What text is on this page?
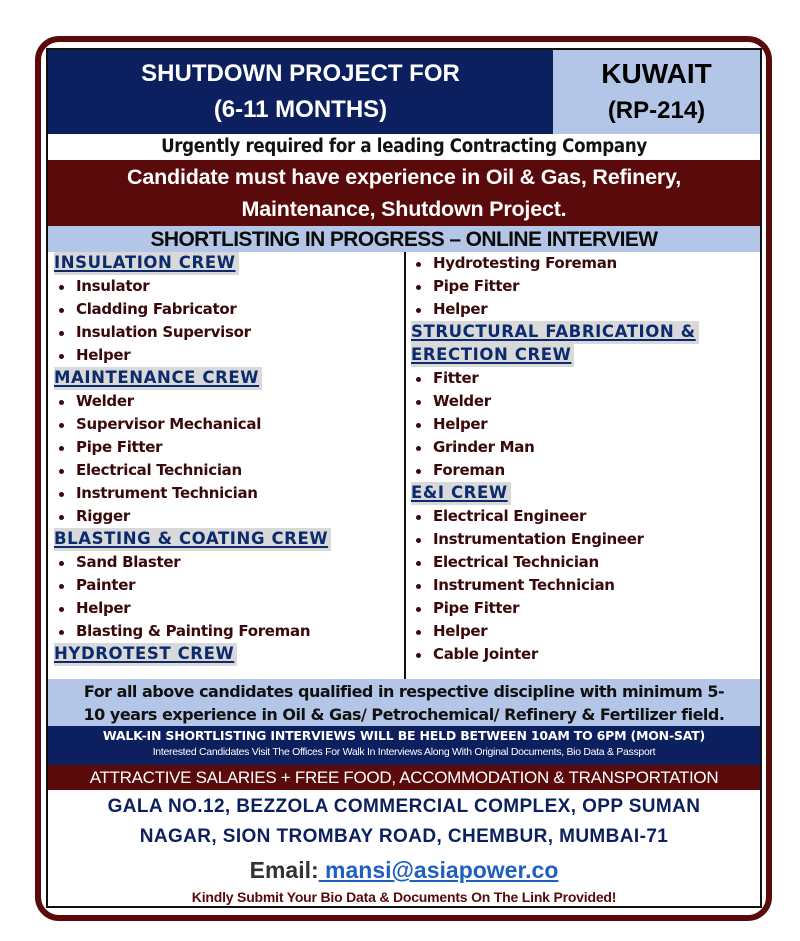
SHUTDOWN PROJECT FOR
(6-11 MONTHS)
KUWAIT
(RP-214)
Urgently required for a leading Contracting Company
Candidate must have experience in Oil & Gas, Refinery,
Maintenance, Shutdown Project.
SHORTLISTING IN PROGRESS – ONLINE INTERVIEW
INSULATION CREW
Insulator
Cladding Fabricator
Insulation Supervisor
Helper
MAINTENANCE CREW
Welder
Supervisor Mechanical
Pipe Fitter
Electrical Technician
Instrument Technician
Rigger
BLASTING & COATING CREW
Sand Blaster
Painter
Helper
Blasting & Painting Foreman
HYDROTEST CREW
Hydrotesting Foreman
Pipe Fitter
Helper
STRUCTURAL FABRICATION &
ERECTION CREW
Fitter
Welder
Helper
Grinder Man
Foreman
E&I CREW
Electrical Engineer
Instrumentation Engineer
Electrical Technician
Instrument Technician
Pipe Fitter
Helper
Cable Jointer
For all above candidates qualified in respective discipline with minimum 5-
10 years experience in Oil & Gas/ Petrochemical/ Refinery & Fertilizer field.
WALK-IN SHORTLISTING INTERVIEWS WILL BE HELD BETWEEN 10AM TO 6PM (MON-SAT)
Interested Candidates Visit The Offices For Walk In Interviews Along With Original Documents, Bio Data & Passport
ATTRACTIVE SALARIES + FREE FOOD, ACCOMMODATION & TRANSPORTATION
GALA NO.12, BEZZOLA COMMERCIAL COMPLEX, OPP SUMAN
NAGAR, SION TROMBAY ROAD, CHEMBUR, MUMBAI-71
Email: mansi@asiapower.co
Kindly Submit Your Bio Data & Documents On The Link Provided!
